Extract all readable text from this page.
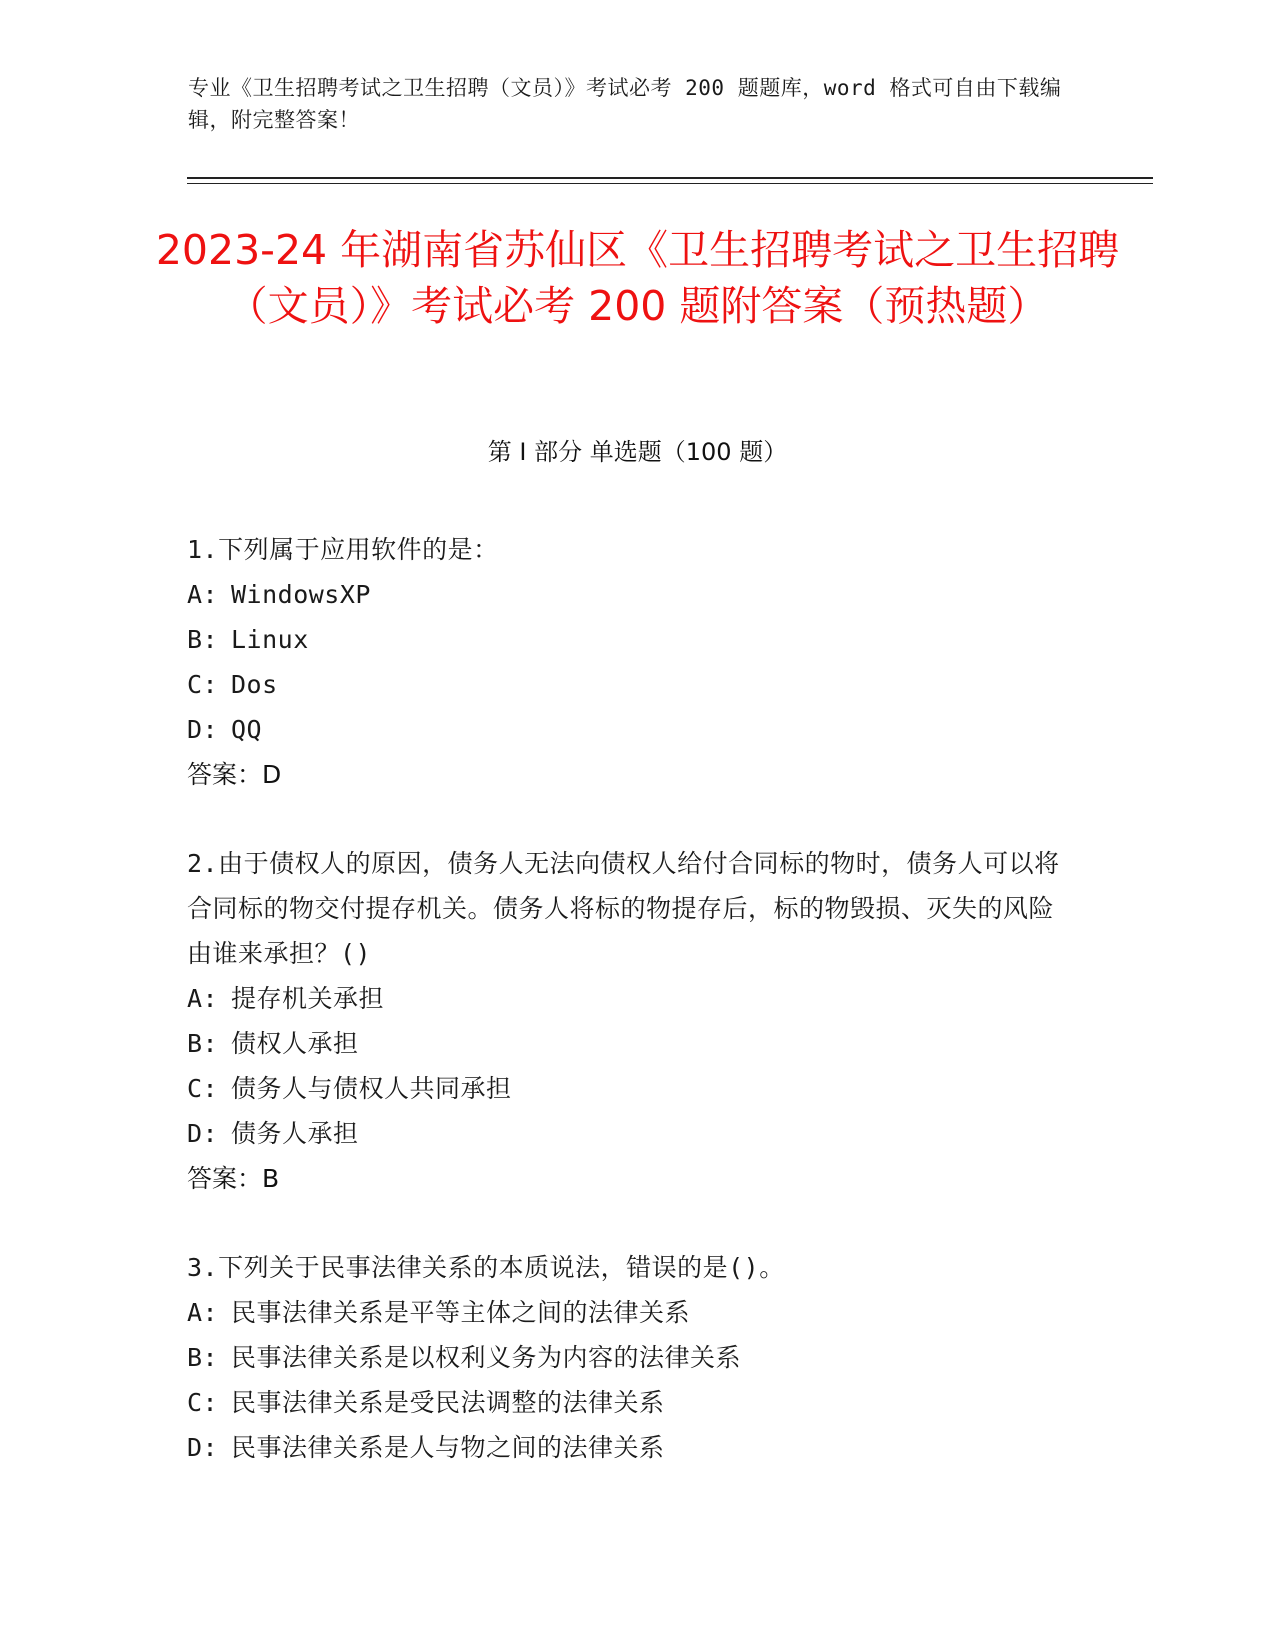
专业《卫生招聘考试之卫生招聘（文员）》考试必考 200 题题库，word 格式可自由下载编辑，附完整答案！
2023-24 年湖南省苏仙区《卫生招聘考试之卫生招聘（文员）》考试必考 200 题附答案（预热题）
第 I 部分 单选题（100 题）
1.下列属于应用软件的是：
A: WindowsXP
B: Linux
C: Dos
D: QQ
答案：D
2.由于债权人的原因，债务人无法向债权人给付合同标的物时，债务人可以将合同标的物交付提存机关。债务人将标的物提存后，标的物毁损、灭失的风险由谁来承担？()
A: 提存机关承担
B: 债权人承担
C: 债务人与债权人共同承担
D: 债务人承担
答案：B
3.下列关于民事法律关系的本质说法，错误的是()。
A: 民事法律关系是平等主体之间的法律关系
B: 民事法律关系是以权利义务为内容的法律关系
C: 民事法律关系是受民法调整的法律关系
D: 民事法律关系是人与物之间的法律关系
